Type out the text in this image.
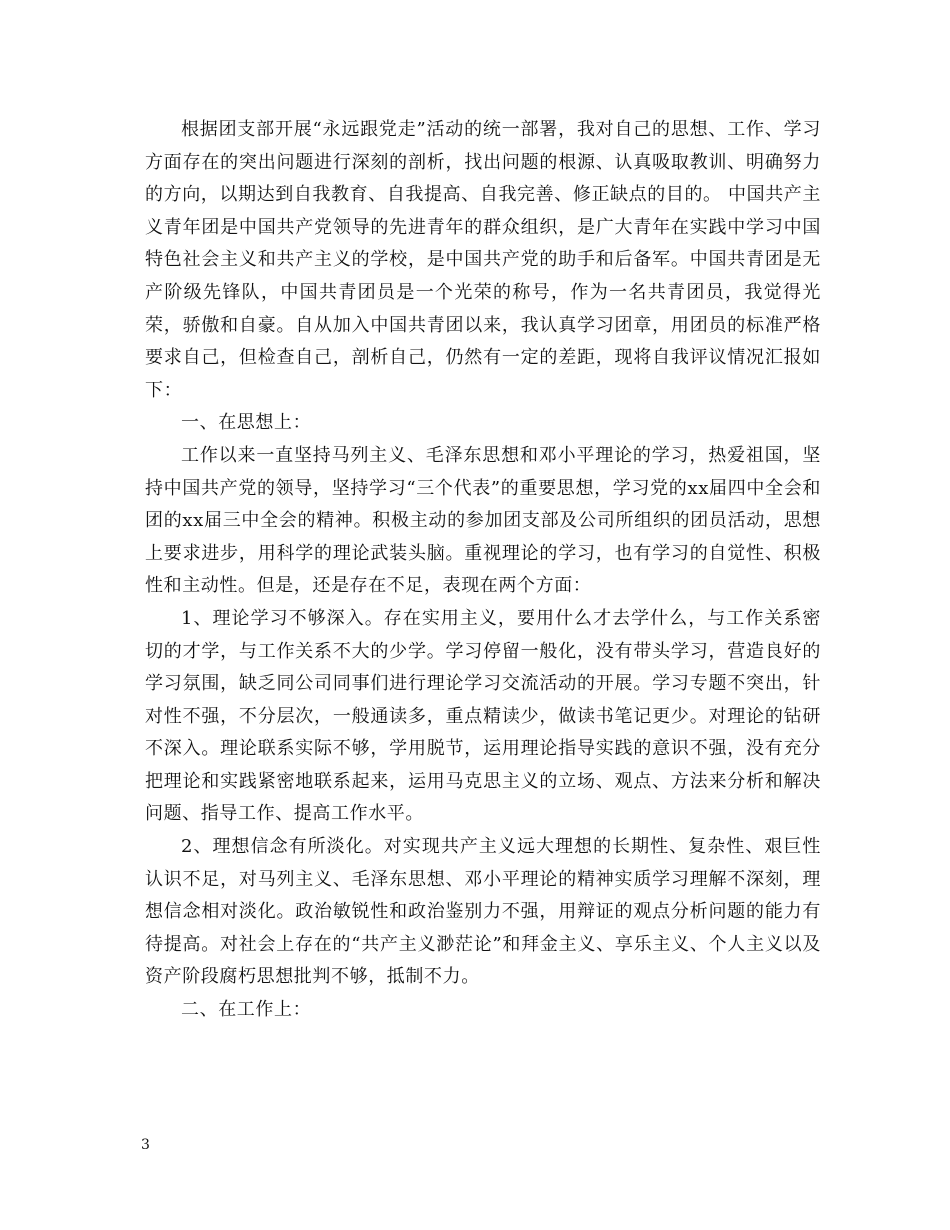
根据团支部开展“永远跟党走”活动的统一部署，我对自己的思想、工作、学习方面存在的突出问题进行深刻的剖析，找出问题的根源、认真吸取教训、明确努力的方向，以期达到自我教育、自我提高、自我完善、修正缺点的目的。 中国共产主义青年团是中国共产党领导的先进青年的群众组织，是广大青年在实践中学习中国特色社会主义和共产主义的学校，是中国共产党的助手和后备军。中国共青团是无产阶级先锋队，中国共青团员是一个光荣的称号，作为一名共青团员，我觉得光荣，骄傲和自豪。自从加入中国共青团以来，我认真学习团章，用团员的标准严格要求自己，但检查自己，剖析自己，仍然有一定的差距，现将自我评议情况汇报如下：

一、在思想上：

工作以来一直坚持马列主义、毛泽东思想和邓小平理论的学习，热爱祖国，坚持中国共产党的领导，坚持学习“三个代表”的重要思想，学习党的xx届四中全会和团的xx届三中全会的精神。积极主动的参加团支部及公司所组织的团员活动，思想上要求进步，用科学的理论武装头脑。重视理论的学习，也有学习的自觉性、积极性和主动性。但是，还是存在不足，表现在两个方面：

1、理论学习不够深入。存在实用主义，要用什么才去学什么，与工作关系密切的才学，与工作关系不大的少学。学习停留一般化，没有带头学习，营造良好的学习氛围，缺乏同公司同事们进行理论学习交流活动的开展。学习专题不突出，针对性不强，不分层次，一般通读多，重点精读少，做读书笔记更少。对理论的钻研不深入。理论联系实际不够，学用脱节，运用理论指导实践的意识不强，没有充分把理论和实践紧密地联系起来，运用马克思主义的立场、观点、方法来分析和解决问题、指导工作、提高工作水平。

2、理想信念有所淡化。对实现共产主义远大理想的长期性、复杂性、艰巨性认识不足，对马列主义、毛泽东思想、邓小平理论的精神实质学习理解不深刻，理想信念相对淡化。政治敏锐性和政治鉴别力不强，用辩证的观点分析问题的能力有待提高。对社会上存在的“共产主义渺茫论”和拜金主义、享乐主义、个人主义以及资产阶段腐朽思想批判不够，抵制不力。

二、在工作上：

3
